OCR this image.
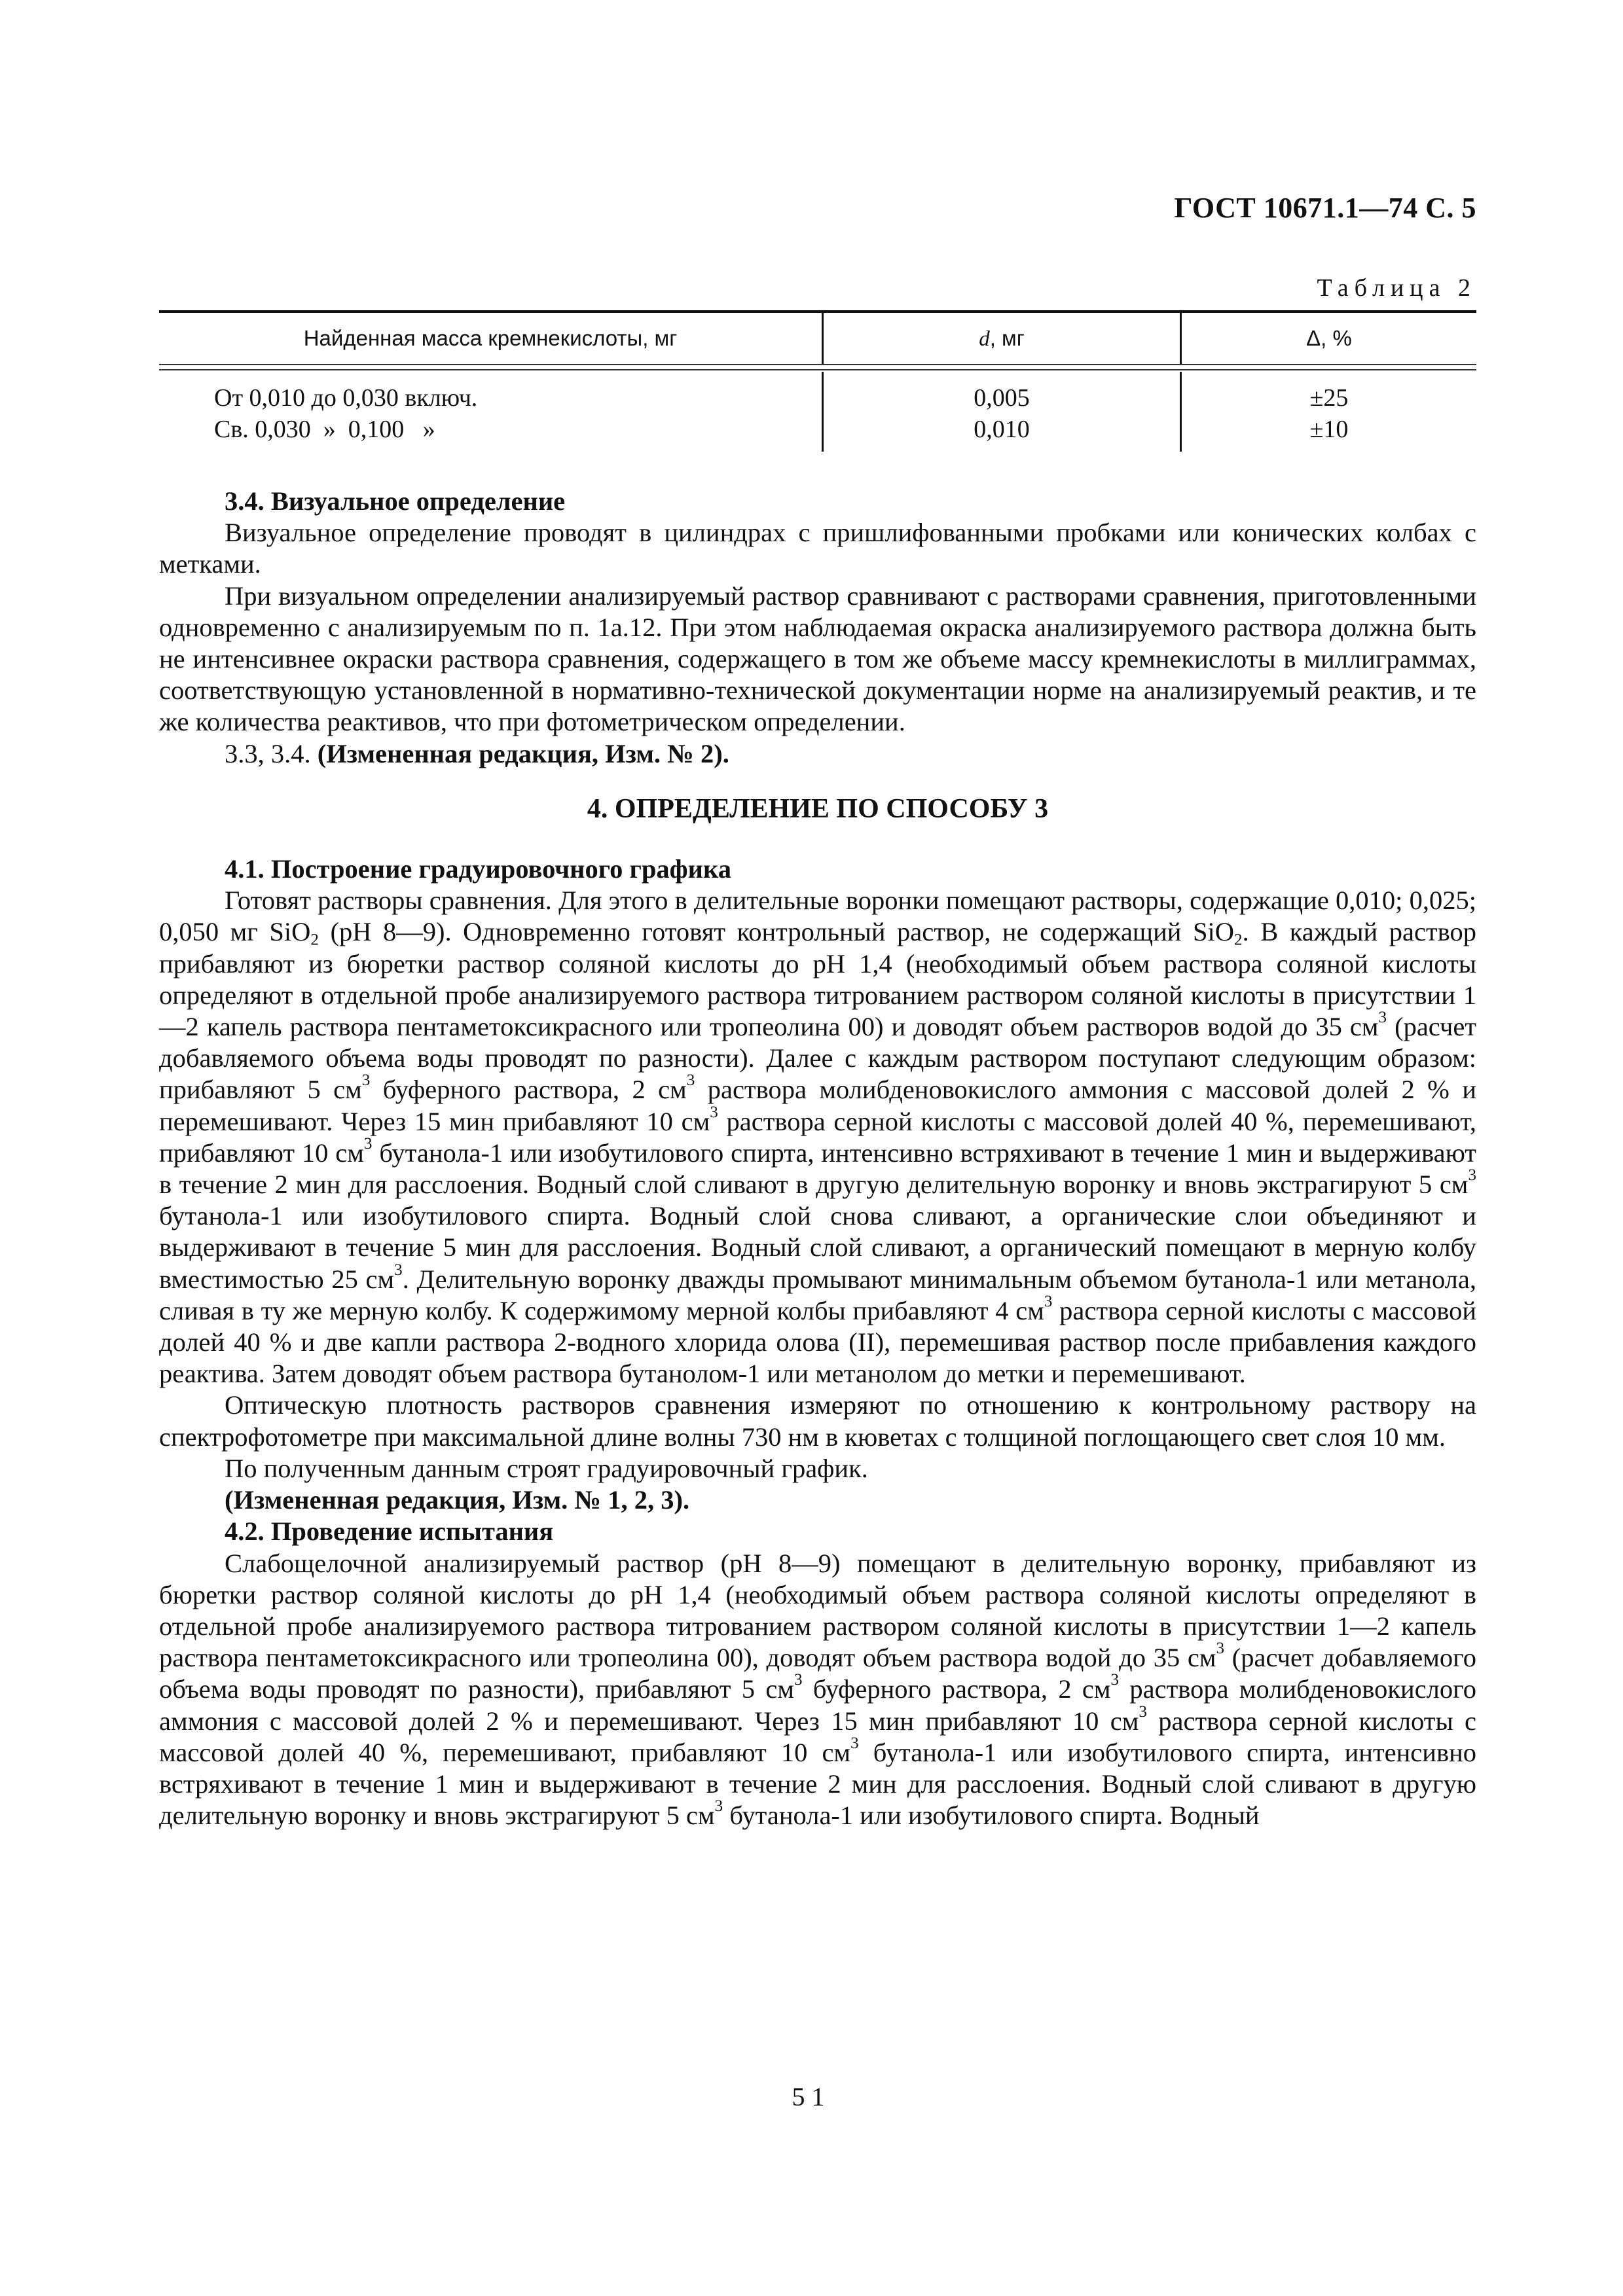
ГОСТ 10671.1—74 С. 5
Таблица 2
Найденная масса кремнекислоты, мг	d, мг	Δ, %
От 0,010 до 0,030 включ.
Св. 0,030  »  0,100   »
0,005
0,010
±25
±10

3.4. Визуальное определение

Визуальное определение проводят в цилиндрах с пришлифованными пробками или конических колбах с метками.

При визуальном определении анализируемый раствор сравнивают с растворами сравнения, приготовленными одновременно с анализируемым по п. 1а.12. При этом наблюдаемая окраска анализируемого раствора должна быть не интенсивнее окраски раствора сравнения, содержащего в том же объеме массу кремнекислоты в миллиграммах, соответствующую установленной в нормативно-технической документации норме на анализируемый реактив, и те же количества реактивов, что при фотометрическом определении.

3.3, 3.4. (Измененная редакция, Изм. № 2).

4. ОПРЕДЕЛЕНИЕ ПО СПОСОБУ 3

4.1. Построение градуировочного графика

Готовят растворы сравнения. Для этого в делительные воронки помещают растворы, содержащие 0,010; 0,025; 0,050 мг SiO$_2$ (pH 8—9). Одновременно готовят контрольный раствор, не содержащий SiO$_2$. В каждый раствор прибавляют из бюретки раствор соляной кислоты до pH 1,4 (необходимый объем раствора соляной кислоты определяют в отдельной пробе анализируемого раствора титрованием раствором соляной кислоты в присутствии 1—2 капель раствора пентаметоксикрасного или тропеолина 00) и доводят объем растворов водой до 35 $см^3$ (расчет добавляемого объема воды проводят по разности). Далее с каждым раствором поступают следующим образом: прибавляют 5 $см^3$ буферного раствора, 2 $см^3$ раствора молибденовокислого аммония с массовой долей 2 % и перемешивают. Через 15 мин прибавляют 10 $см^3$ раствора серной кислоты с массовой долей 40 %, перемешивают, прибавляют 10 $см^3$ бутанола-1 или изобутилового спирта, интенсивно встряхивают в течение 1 мин и выдерживают в течение 2 мин для расслоения. Водный слой сливают в другую делительную воронку и вновь экстрагируют 5 $см^3$ бутанола-1 или изобутилового спирта. Водный слой снова сливают, а органические слои объединяют и выдерживают в течение 5 мин для расслоения. Водный слой сливают, а органический помещают в мерную колбу вместимостью 25 $см^3$. Делительную воронку дважды промывают минимальным объемом бутанола-1 или метанола, сливая в ту же мерную колбу. К содержимому мерной колбы прибавляют 4 $см^3$ раствора серной кислоты с массовой долей 40 % и две капли раствора 2-водного хлорида олова (II), перемешивая раствор после прибавления каждого реактива. Затем доводят объем раствора бутанолом-1 или метанолом до метки и перемешивают.

Оптическую плотность растворов сравнения измеряют по отношению к контрольному раствору на спектрофотометре при максимальной длине волны 730 нм в кюветах с толщиной поглощающего свет слоя 10 мм.

По полученным данным строят градуировочный график.

(Измененная редакция, Изм. № 1, 2, 3).

4.2. Проведение испытания

Слабощелочной анализируемый раствор (pH 8—9) помещают в делительную воронку, прибавляют из бюретки раствор соляной кислоты до pH 1,4 (необходимый объем раствора соляной кислоты определяют в отдельной пробе анализируемого раствора титрованием раствором соляной кислоты в присутствии 1—2 капель раствора пентаметоксикрасного или тропеолина 00), доводят объем раствора водой до 35 $см^3$ (расчет добавляемого объема воды проводят по разности), прибавляют 5 $см^3$ буферного раствора, 2 $см^3$ раствора молибденовокислого аммония с массовой долей 2 % и перемешивают. Через 15 мин прибавляют 10 $см^3$ раствора серной кислоты с массовой долей 40 %, перемешивают, прибавляют 10 $см^3$ бутанола-1 или изобутилового спирта, интенсивно встряхивают в течение 1 мин и выдерживают в течение 2 мин для расслоения. Водный слой сливают в другую делительную воронку и вновь экстрагируют 5 $см^3$ бутанола-1 или изобутилового спирта. Водный

51
